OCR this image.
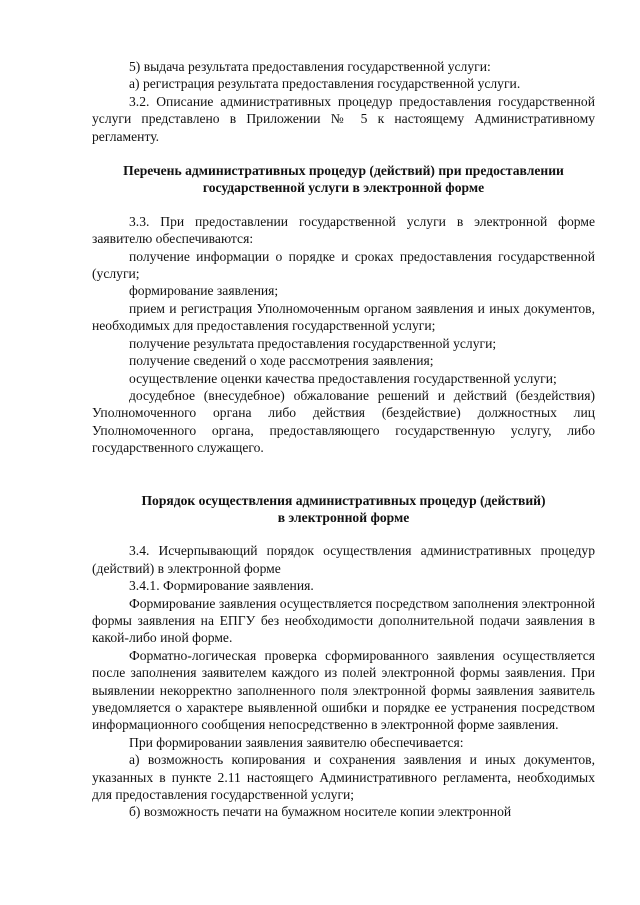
5) выдача результата предоставления государственной услуги:

а) регистрация результата предоставления государственной услуги.

3.2. Описание административных процедур предоставления государственной услуги представлено в Приложении № 5 к настоящему Административному регламенту.

Перечень административных процедур (действий) при предоставлении

государственной услуги в электронной форме

3.3. При предоставлении государственной услуги в электронной форме заявителю обеспечиваются:

получение информации о порядке и сроках предоставления государственной (услуги;

формирование заявления;

прием и регистрация Уполномоченным органом заявления и иных документов, необходимых для предоставления государственной услуги;

получение результата предоставления государственной услуги;

получение сведений о ходе рассмотрения заявления;

осуществление оценки качества предоставления государственной услуги;

досудебное (внесудебное) обжалование решений и действий (бездействия) Уполномоченного органа либо действия (бездействие) должностных лиц Уполномоченного органа, предоставляющего государственную услугу, либо государственного служащего.

Порядок осуществления административных процедур (действий)

в электронной форме

3.4. Исчерпывающий порядок осуществления административных процедур (действий) в электронной форме

3.4.1. Формирование заявления.

Формирование заявления осуществляется посредством заполнения электронной формы заявления на ЕПГУ без необходимости дополнительной подачи заявления в какой-либо иной форме.

Форматно-логическая проверка сформированного заявления осуществляется после заполнения заявителем каждого из полей электронной формы заявления. При выявлении некорректно заполненного поля электронной формы заявления заявитель уведомляется о характере выявленной ошибки и порядке ее устранения посредством информационного сообщения непосредственно в электронной форме заявления.

При формировании заявления заявителю обеспечивается:

а) возможность копирования и сохранения заявления и иных документов, указанных в пункте 2.11 настоящего Административного регламента, необходимых для предоставления государственной услуги;

б) возможность печати на бумажном носителе копии электронной
